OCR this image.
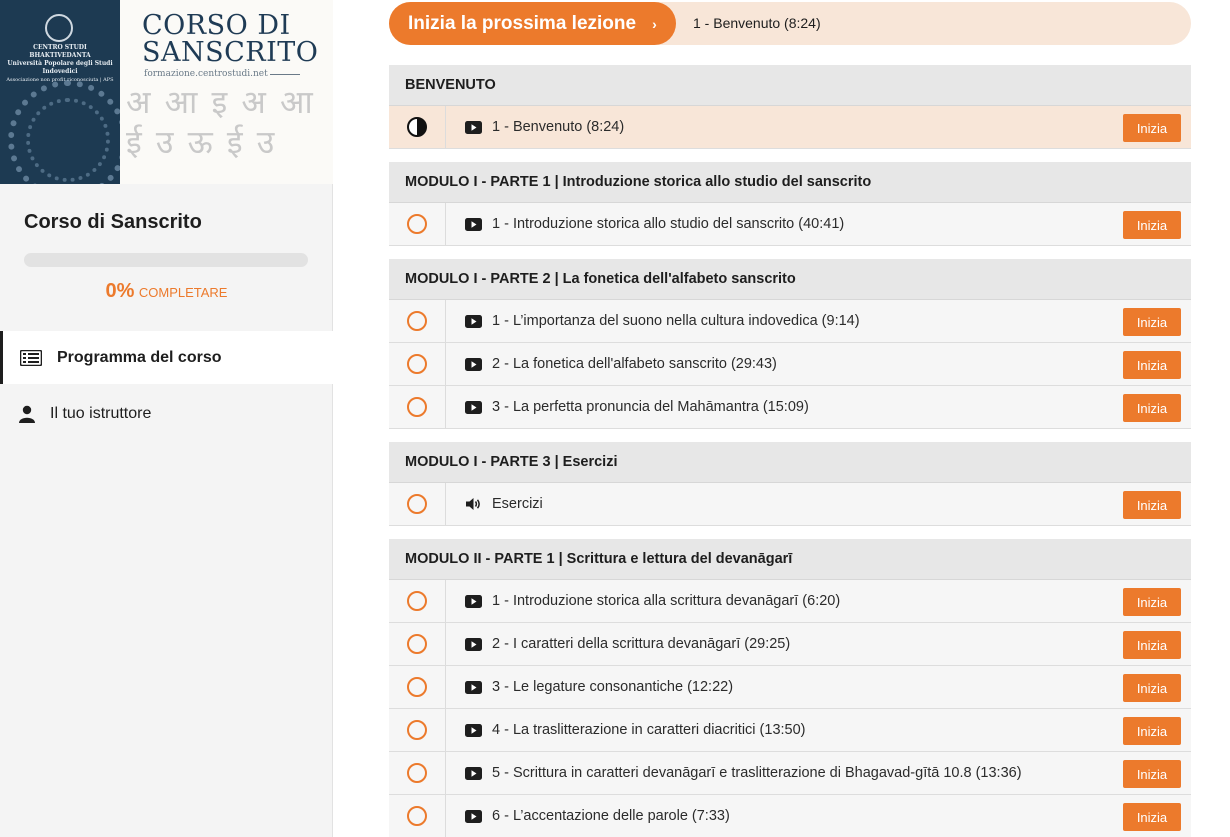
CENTRO STUDI BHAKTIVEDANTA
Università Popolare degli Studi Indovedici
Associazione non profit riconosciuta | APS
CORSO DI
SANSCRITO
formazione.centrostudi.net
अ आ इ अ आ ई उ ऊ ई उ
Corso di Sanscrito
0% COMPLETARE
Programma del corso
Il tuo istruttore
Inizia la prossima lezione ›	1 - Benvenuto (8:24)
BENVENUTO
1 - Benvenuto (8:24)	Inizia
MODULO I - PARTE 1 | Introduzione storica allo studio del sanscrito
1 - Introduzione storica allo studio del sanscrito (40:41)	Inizia
MODULO I - PARTE 2 | La fonetica dell'alfabeto sanscrito
1 - L’importanza del suono nella cultura indovedica (9:14)	Inizia
2 - La fonetica dell'alfabeto sanscrito (29:43)	Inizia
3 - La perfetta pronuncia del Mahāmantra (15:09)	Inizia
MODULO I - PARTE 3 | Esercizi
Esercizi	Inizia
MODULO II - PARTE 1 | Scrittura e lettura del devanāgarī
1 - Introduzione storica alla scrittura devanāgarī (6:20)	Inizia
2 - I caratteri della scrittura devanāgarī (29:25)	Inizia
3 - Le legature consonantiche (12:22)	Inizia
4 - La traslitterazione in caratteri diacritici (13:50)	Inizia
5 - Scrittura in caratteri devanāgarī e traslitterazione di Bhagavad-gītā 10.8 (13:36)	Inizia
6 - L’accentazione delle parole (7:33)	Inizia
